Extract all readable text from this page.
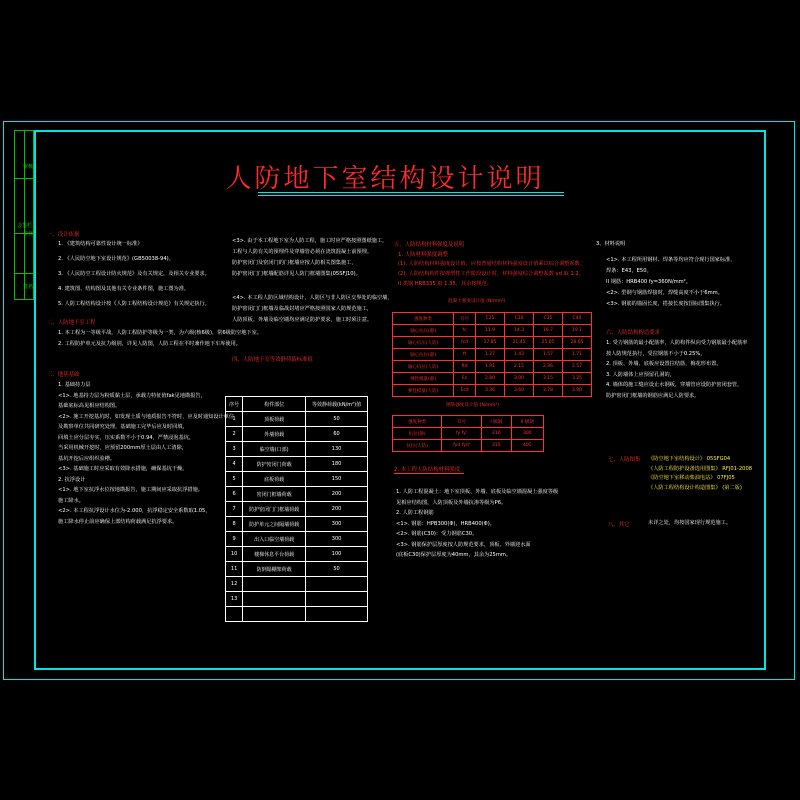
审核
会签栏
专业
签名
人防地下室结构设计说明
一、设计依据
1. 《建筑结构可靠性设计统一标准》
2. 《人民防空地下室设计规范》(GB50038-94)。
3. 《人民防空工程设计防火规范》及有关规定，及相关专业要求。
4. 建筑图、结构图及其他有关专业条件图，施工图为准。
5. 人防工程结构设计按《人防工程结构设计规范》有关规定执行。
二、人防地下室工程
1. 本工程为一等级平战，人防工程防护等级为一类，为六级(核6级)，常6级防空地下室。
2. 工程防护单元及抗力级别，详见人防图，人防工程在平时兼作地下车库使用。
三、地基基础
1. 基础持力层
<1>. 地基持力层为粉质黏土层，承载力特征值fak见地勘报告，
基础底标高见相应结构图。
<2>. 施工开挖基坑时，如发现土质与地质报告不符时，应及时通知设计单位
及勘察单位共同研究处理，基础施工完毕后应及时回填，
回填土应分层夯实，压实系数不小于0.94，严禁浸泡基坑，
当采用机械开挖时，应预留200mm厚土层由人工清除，
基坑开挖后应组织验槽。
<3>. 基础施工时应采取有效降水措施，确保基坑干燥。
2. 抗浮设计
<1>. 地下室抗浮水位按地勘报告，施工期间应采取抗浮措施。
施工降水。
<2>. 本工程抗浮设计水位为-2.000，抗浮稳定安全系数取1.05，
施工降水停止前应确保上部结构荷载满足抗浮要求。
<3>. 由于本工程地下室为人防工程，施工时应严格按照图纸施工，
工程与人防有关的预埋件及穿墙管必须在浇筑混凝土前预埋。
防护密闭门及密闭门的门框墙应按人防相关图集施工，
防护密闭门门框墙配筋详见人防门框墙图集(05SFJ10)。
<4>. 本工程人防区域结构设计，人防区与非人防区交界处的临空墙，
防护密闭门门框墙及临战封堵应严格按照国家人防规范施工，
人防顶板、外墙及临空墙均应满足防护要求，施工时须注意。
四、人防地下室等效静荷载标准值
序号	构件部位	等效静荷载(kN/m²)值
1	顶板荷载	50
2	外墙荷载	60
3	临空墙(口部)	130
4	防护密闭门荷载	180
5	底板荷载	150
6	密闭门框墙荷载	200
7	防护密闭门门框墙荷载	200
8	防护单元之间隔墙荷载	300
9	出入口临空墙荷载	300
10	楼梯休息平台荷载	100
11	防倒塌棚架荷载	50
12		
13		

五、人防结构材料强度及说明
1. 人防材料强度调整
(1). 人防结构材料强度设计值，应按普通结构材料强度设计值乘以综合调整系数。
(2). 人防结构构件按弹塑性工作阶段设计时，材料强度综合调整系数 γd 取 1.2。
II 类钢 HRB335 取 1.35，其余按规范。
混凝土强度设计值 (N/mm²)
强度种类	符号	C25	C30	C35	C40
轴心抗压(静)	fc	11.9	14.3	16.7	19.1
轴心抗压(人防)	fcd	17.85	21.45	25.05	28.65
轴心抗拉(静)	ft	1.27	1.43	1.57	1.71
轴心抗拉(人防)	ftd	1.91	2.15	2.36	2.57
弹性模量(静)	Ec	2.80	3.00	3.15	3.25
弹性模量(人防)	Ecd	3.36	3.60	3.78	3.90
钢筋强度设计值 (N/mm²)
强度种类	符号	I 级钢	II 级钢
抗拉(静)	fy fy'	210	300
抗拉(人防)	fyd fyd'	315	405
2. 本工程人防结构材料强度
1. 人防工程混凝土：地下室顶板、外墙、底板及临空墙混凝土强度等级
见相应结构图，人防顶板及外墙抗渗等级为P6。
2. 人防工程钢筋
<1>. 钢筋：HPB300(Φ)，HRB400(Φ)。
<2>. 钢筋(C30)：受力钢筋C30。
<3>. 钢筋保护层厚度按人防规范要求，顶板、外墙迎水面
(底板C30)保护层厚度为40mm，其余为25mm。
3、材料说明
<1>. 本工程所用钢材、焊条等均应符合现行国家标准，
焊条：E43，E50。
II 钢筋：HRB400 fy=360N/mm²。
<2>. 型钢与钢筋焊接时，焊缝高度不小于6mm。
<3>. 钢筋的锚固长度，搭接长度按国标图集执行。
六、人防结构构造要求
1. 受力钢筋的最小配筋率，人防构件纵向受力钢筋最小配筋率
按人防规范执行，受拉钢筋不小于0.25%，
2. 顶板、外墙、底板应设置拉结筋，梅花形布置。
3. 人防墙体上应预留孔洞的，
4. 墙体的施工缝应设止水钢板，穿墙管应设防护密闭套管，
防护密闭门框墙的钢筋应满足人防要求。
七、人防图集 《防空地下室结构设计》 05SFG04
《人防工程防护设备选用图集》 RFJ01-2008
《防空地下室移动柴油电站》 07FJ05
《人防工程结构设计构造图集》 (第二版)
八、其它	未详之处，均按国家现行规范施工。
